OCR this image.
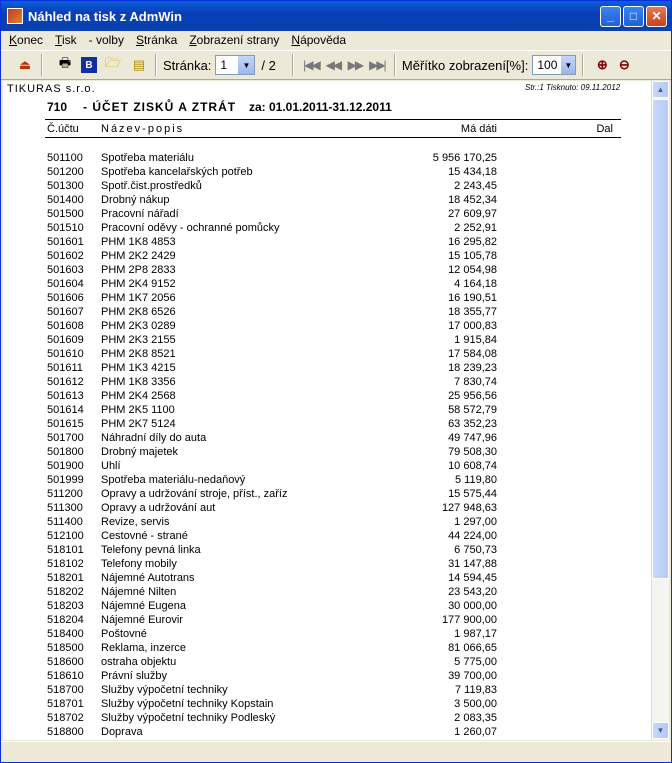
Náhled na tisk z AdmWin	_ □ ✕
Konec Tisk - volby Stránka Zobrazení strany Nápověda
⏏ 🖶	B 🗁 ▤ Stránka: 1	▼ / 2 |◀◀ ◀◀ ▶▶ ▶▶| Měřítko zobrazení[%]: 100 ▼	⊕ ⊖
TIKURAS s.r.o.	Str.:1 Tisknuto: 09.11.2012
710 - ÚČET ZISKŮ A ZTRÁT za: 01.01.2011-31.12.2011
Č.účtu Název-popis	Má dáti	Dal
501100 Spotřeba materiálu	5 956 170,25
501200 Spotřeba kancelařských potřeb	15 434,18
501300 Spotř.čist.prostředků	2 243,45
501400 Drobný nákup	18 452,34
501500 Pracovní nářadí	27 609,97
501510 Pracovní oděvy - ochranné pomůcky	2 252,91
501601 PHM 1K8 4853	16 295,82
501602 PHM 2K2 2429	15 105,78
501603 PHM 2P8 2833	12 054,98
501604 PHM 2K4 9152	4 164,18
501606 PHM 1K7 2056	16 190,51
501607 PHM 2K8 6526	18 355,77
501608 PHM 2K3 0289	17 000,83
501609 PHM 2K3 2155	1 915,84
501610 PHM 2K8 8521	17 584,08
501611 PHM 1K3 4215	18 239,23
501612 PHM 1K8 3356	7 830,74
501613 PHM 2K4 2568	25 956,56
501614 PHM 2K5 1100	58 572,79
501615 PHM 2K7 5124	63 352,23
501700 Náhradní díly do auta	49 747,96
501800 Drobný majetek	79 508,30
501900 Uhlí	10 608,74
501999 Spotřeba materiálu-nedaňový	5 119,80
511200 Opravy a udržování stroje, příst., zaříz	15 575,44
511300 Opravy a udržování aut	127 948,63
511400 Revize, servis	1 297,00
512100 Cestovné - strané	44 224,00
518101 Telefony pevná linka	6 750,73
518102 Telefony mobily	31 147,88
518201 Nájemné Autotrans	14 594,45
518202 Nájemné Nilten	23 543,20
518203 Nájemné Eugena	30 000,00
518204 Nájemné Eurovir	177 900,00
518400 Poštovné	1 987,17
518500 Reklama, inzerce	81 066,65
518600 ostraha objektu	5 775,00
518610 Právní služby	39 700,00
518700 Služby výpočetní techniky	7 119,83
518701 Služby výpočetní techniky Kopstain	3 500,00
518702 Služby výpočetní techniky Podleský	2 083,35
518800 Doprava	1 260,07
▲
▼
